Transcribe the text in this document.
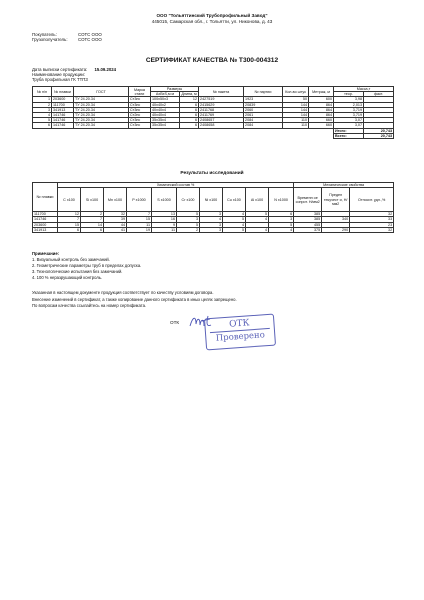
ООО "Тольяттинский Трубопрофильный Завод"
445015, Самарская обл., г. Тольятти, ул. Никонова, д. 43
Покупатель:	СОТС ООО
Грузополучатель: СОТС ООО
СЕРТИФИКАТ КАЧЕСТВА № Т300-004312
Дата выписки сертификата: 15.09.2024
Наименование продукции:
Труба профильная ГК ТТПЗ
№ п/п	№ плавки	ГОСТ	Марка стали	Размеры		№ пакета	№ партии	Кол-во штук	Метраж, м	Масса,т	
				АхВхS,м м	Длина, м					теор.	факт.
1	203600	ТУ 24.20.34	Ст3пс	100х50х3	12	2427519	1923	50	600	3,98	
2	111700	ТУ 24.20.34	Ст3пс	40х40х2	6	2415629	20839	144	864	2,013	
3	341913	ТУ 24.20.34	Ст3пс	40х40х4	6	2411768	2060	144	864	3,719	
4	141746	ТУ 24.20.34	Ст2пс	40х40х4	6	2411769	2061	144	864	3,719	
5	141746	ТУ 24.20.34	Ст3пс	35х35х4	6	2408657	2084	110	660	3,07	
6	141746	ТУ 24.20.34	Ст3пс	35х35х4	6	2408658	2084	110	660	3,07	
										Итого:	20,743
										Всего:	20,743
Результаты исследований
№ плавки	Химический состав %										Механические свойства		
	C x100	Si x100	Mn x100	P x1000	S x1000	Cr x100	Ni x100	Cu x100	Al x100	N x1000	Временн ое сопрот. Н/мм2	Предел текучест и, Н/мм2	Относит. удл.,%
111700	12	2	32	7	13	5	3	4	5	6	385		32
141746	7	7	39	15	16	3	4	5	4	3	385	340	33
203600	15	14	44	11	9	5	3	4		5	455		23
341913	6	6	41	19	11	2	3	5	4	4	375	290	32
Примечание:
1. Визуальный контроль без замечаний.
2. Геометрические параметры труб в пределах допуска.
3. Технологические испытания без замечаний.
4. 100 % неразрушающий контроль.
Указанная в настоящем документе продукция соответствует по качеству условиям договора.
Внесение изменений в сертификат, а также копирование данного сертификата в иных целях запрещено.
По вопросам качества ссылайтесь на номер сертификата.
ОТК	ОТК
Проверено
